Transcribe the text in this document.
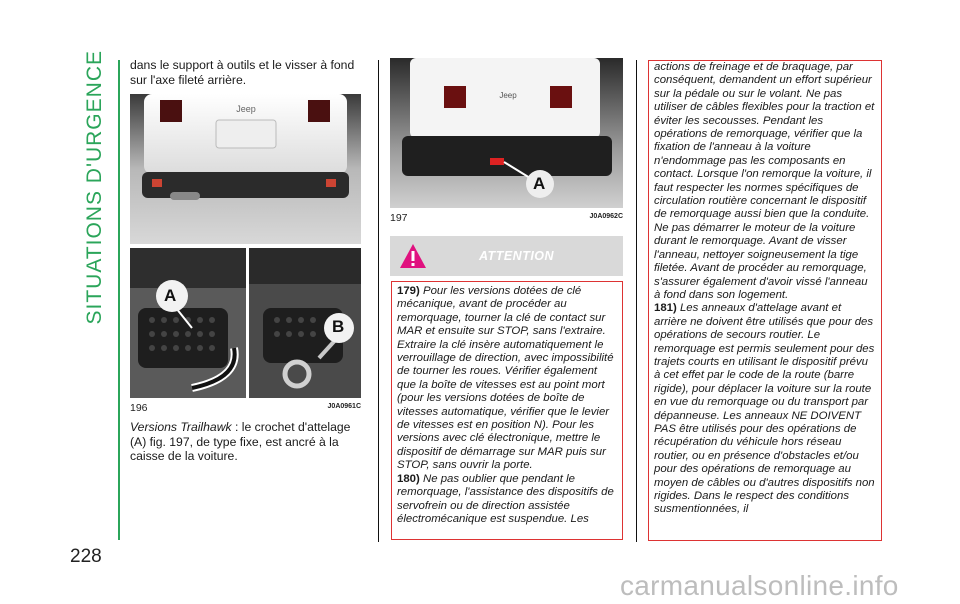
SITUATIONS D'URGENCE
228
dans le support à outils et le visser à fond sur l'axe fileté arrière.
Jeep
A
B
196	J0A0961C
Versions Trailhawk : le crochet d'attelage (A) fig. 197, de type fixe, est ancré à la caisse de la voiture.
Jeep
A
197	J0A0962C
ATTENTION
179) Pour les versions dotées de clé mécanique, avant de procéder au remorquage, tourner la clé de contact sur MAR et ensuite sur STOP, sans l'extraire. Extraire la clé insère automatiquement le verrouillage de direction, avec impossibilité de tourner les roues. Vérifier également que la boîte de vitesses est au point mort (pour les versions dotées de boîte de vitesses automatique, vérifier que le levier de vitesses est en position N). Pour les versions avec clé électronique, mettre le dispositif de démarrage sur MAR puis sur STOP, sans ouvrir la porte.
180) Ne pas oublier que pendant le remorquage, l'assistance des dispositifs de servofrein ou de direction assistée électromécanique est suspendue. Les
actions de freinage et de braquage, par conséquent, demandent un effort supérieur sur la pédale ou sur le volant. Ne pas utiliser de câbles flexibles pour la traction et éviter les secousses. Pendant les opérations de remorquage, vérifier que la fixation de l'anneau à la voiture n'endommage pas les composants en contact. Lorsque l'on remorque la voiture, il faut respecter les normes spécifiques de circulation routière concernant le dispositif de remorquage aussi bien que la conduite. Ne pas démarrer le moteur de la voiture durant le remorquage. Avant de visser l'anneau, nettoyer soigneusement la tige filetée. Avant de procéder au remorquage, s'assurer également d'avoir vissé l'anneau à fond dans son logement.
181) Les anneaux d'attelage avant et arrière ne doivent être utilisés que pour des opérations de secours routier. Le remorquage est permis seulement pour des trajets courts en utilisant le dispositif prévu à cet effet par le code de la route (barre rigide), pour déplacer la voiture sur la route en vue du remorquage ou du transport par dépanneuse. Les anneaux NE DOIVENT PAS être utilisés pour des opérations de récupération du véhicule hors réseau routier, ou en présence d'obstacles et/ou pour des opérations de remorquage au moyen de câbles ou d'autres dispositifs non rigides. Dans le respect des conditions susmentionnées, il
carmanualsonline.info
